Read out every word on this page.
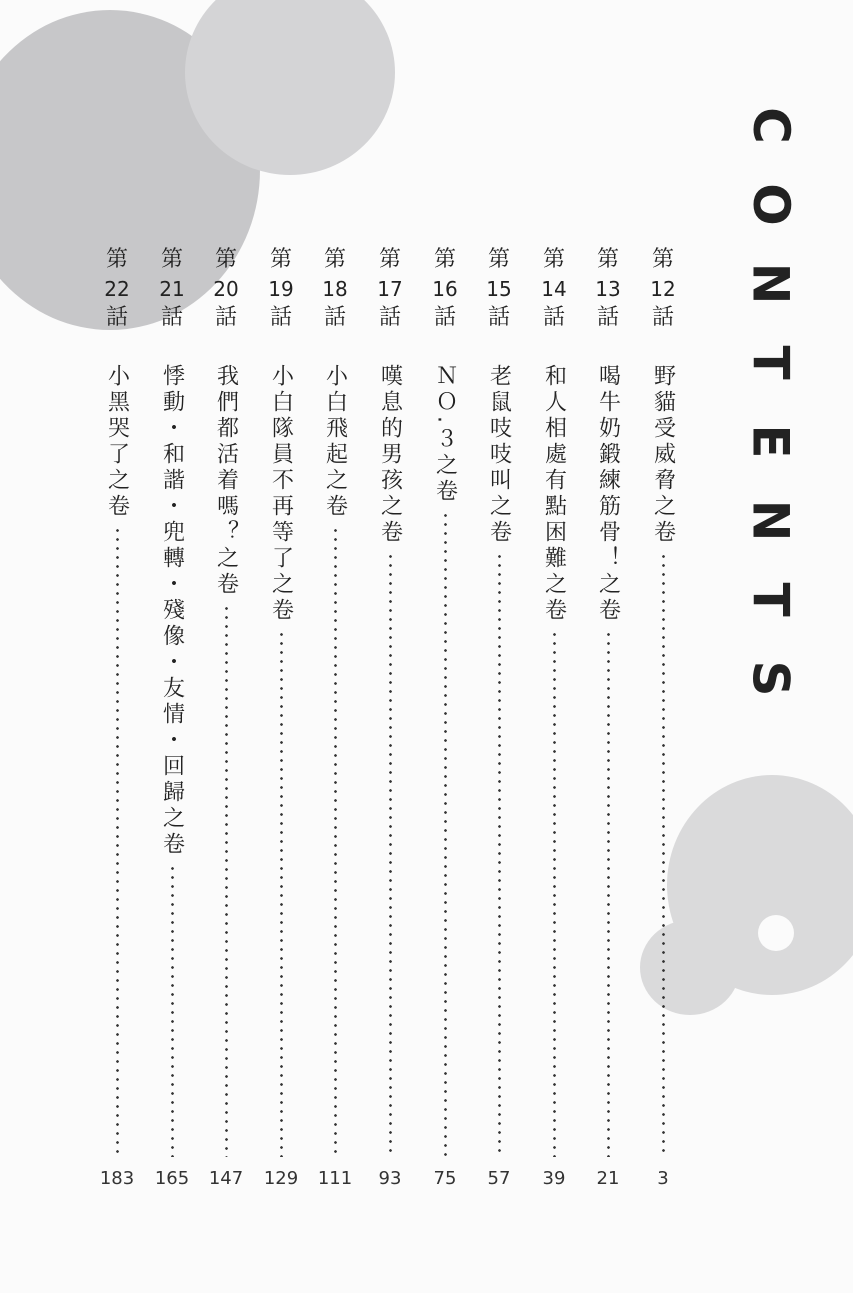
C
O
N
T
E
N
T
S
第
12
話
野貓受威脅之卷
3
第
13
話
喝牛奶鍛練筋骨！之卷
21
第
14
話
和人相處有點困難之卷
39
第
15
話
老鼠吱吱叫之卷
57
第
16
話
ＮＯ.３之卷
75
第
17
話
嘆息的男孩之卷
93
第
18
話
小白飛起之卷
111
第
19
話
小白隊員不再等了之卷
129
第
20
話
我們都活着嗎？之卷
147
第
21
話
悸動・和諧・兜轉・殘像・友情・回歸之卷
165
第
22
話
小黑哭了之卷
183
